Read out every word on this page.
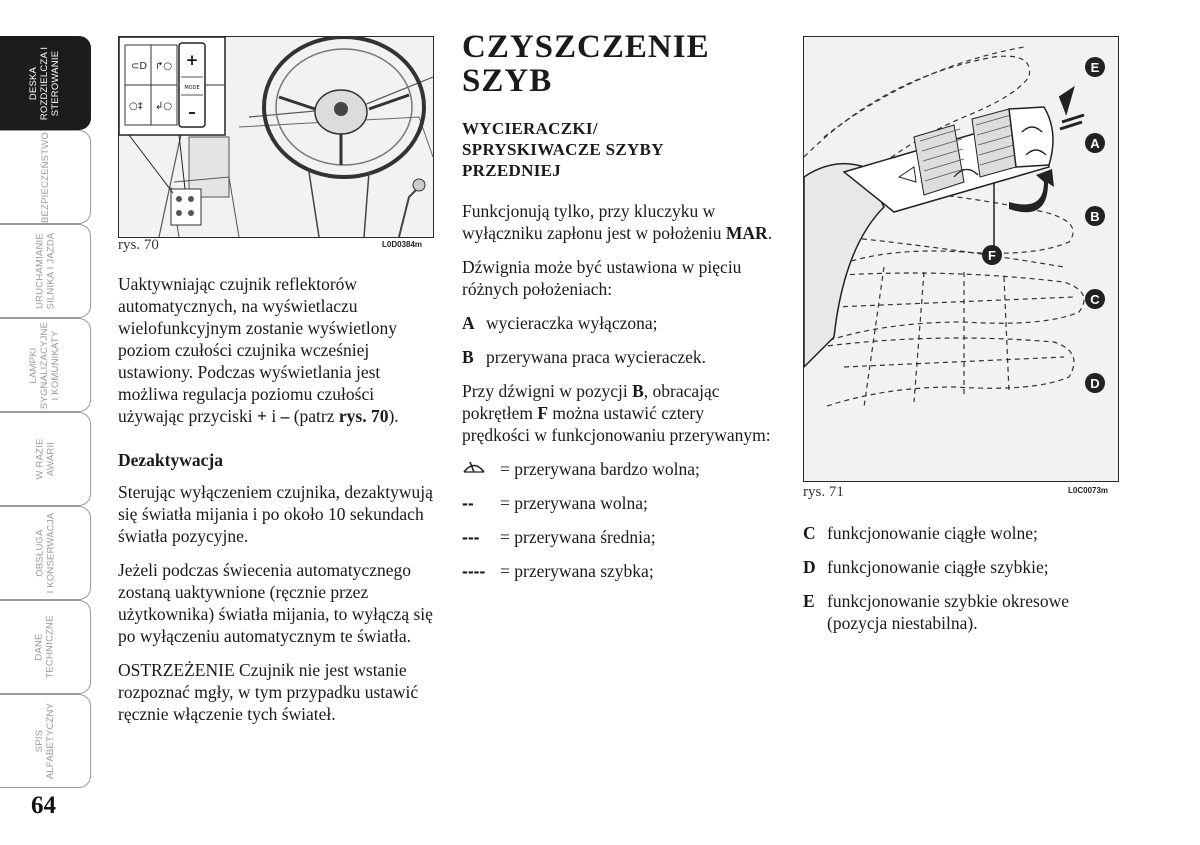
DESKA ROZDZIELCZA I STEROWANIE
BEZPIECZEŃSTWO
URUCHAMIANIE SILNIKA I JAZDA
LAMPKI SYGNALIZACYJNE I KOMUNIKATY
W RAZIE AWARII
OBSŁUGA I KONSERWACJA
DANE TECHNICZNE
SPIS ALFABETYCZNY
64
⊂D ↱○
○‡ ↲○
+
MODE
–
rys. 70	L0D0384m

Uaktywniając czujnik reflektorów automatycznych, na wyświetlaczu wielofunkcyjnym zostanie wyświetlony poziom czułości czujnika wcześniej ustawiony. Podczas wyświetlania jest możliwa regulacja poziomu czułości używając przyciski + i – (patrz rys. 70).

Dezaktywacja

Sterując wyłączeniem czujnika, dezaktywują się światła mijania i po około 10 sekundach światła pozycyjne.

Jeżeli podczas świecenia automatycznego zostaną uaktywnione (ręcznie przez użytkownika) światła mijania, to wyłączą się po wyłączeniu automatycznym te światła.

OSTRZEŻENIE Czujnik nie jest wstanie rozpoznać mgły, w tym przypadku ustawić ręcznie włączenie tych świateł.

CZYSZCZENIE
SZYB
WYCIERACZKI/
SPRYSKIWACZE SZYBY
PRZEDNIEJ

Funkcjonują tylko, przy kluczyku w wyłączniku zapłonu jest w położeniu MAR.

Dźwignia może być ustawiona w pięciu różnych położeniach:

A wycieraczka wyłączona;
B przerywana praca wycieraczek.

Przy dźwigni w pozycji B, obracając pokrętłem F można ustawić cztery prędkości w funkcjonowaniu przerywanym:

= przerywana bardzo wolna;
--	= przerywana wolna;
---	= przerywana średnia;
---- = przerywana szybka;
E
A
B
C
D
F
rys. 71	L0C0073m
C funkcjonowanie ciągłe wolne;
D funkcjonowanie ciągłe szybkie;
E funkcjonowanie szybkie okresowe (pozycja niestabilna).
